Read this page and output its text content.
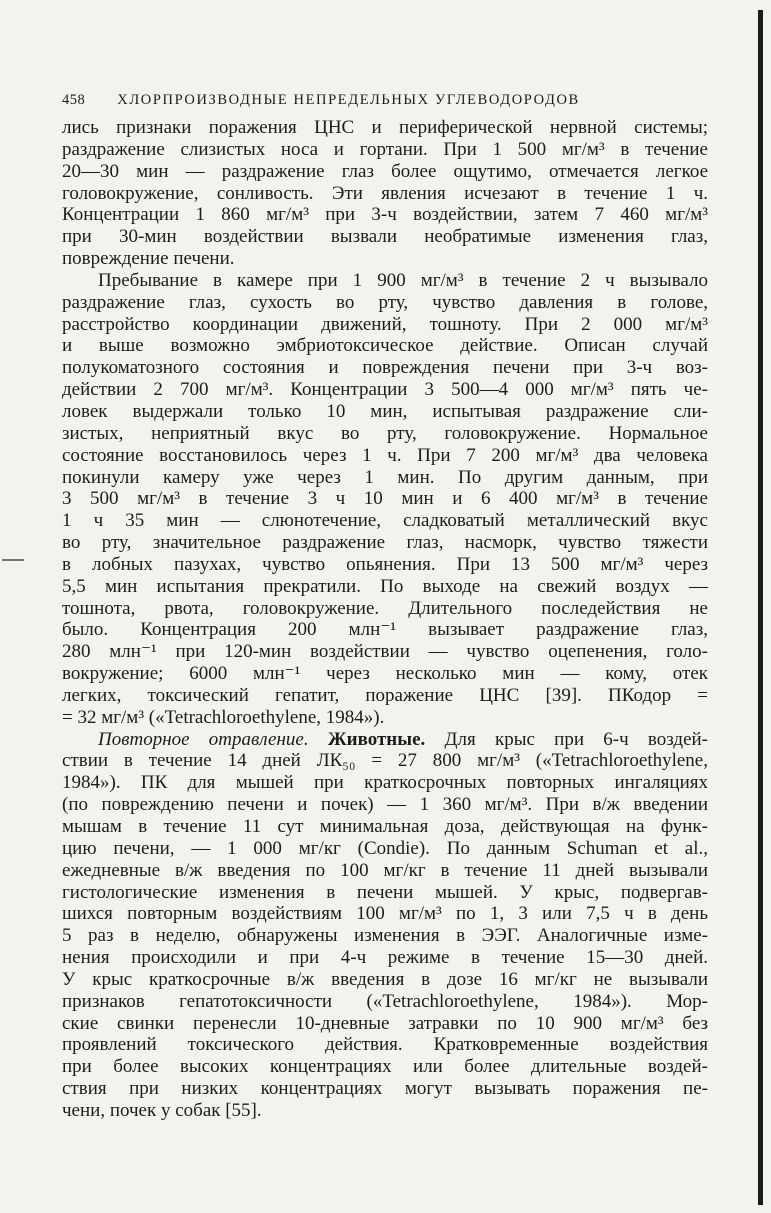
458 ХЛОРПРОИЗВОДНЫЕ НЕПРЕДЕЛЬНЫХ УГЛЕВОДОРОДОВ

лись признаки поражения ЦНС и периферической нервной системы;
раздражение слизистых носа и гортани. При 1 500 мг/м³ в течение
20—30 мин — раздражение глаз более ощутимо, отмечается легкое
головокружение, сонливость. Эти явления исчезают в течение 1 ч.
Концентрации 1 860 мг/м³ при 3-ч воздействии, затем 7 460 мг/м³
при 30-мин воздействии вызвали необратимые изменения глаз,
повреждение печени.

Пребывание в камере при 1 900 мг/м³ в течение 2 ч вызывало
раздражение глаз, сухость во рту, чувство давления в голове,
расстройство координации движений, тошноту. При 2 000 мг/м³
и выше возможно эмбриотоксическое действие. Описан случай
полукоматозного состояния и повреждения печени при 3-ч воз-
действии 2 700 мг/м³. Концентрации 3 500—4 000 мг/м³ пять че-
ловек выдержали только 10 мин, испытывая раздражение сли-
зистых, неприятный вкус во рту, головокружение. Нормальное
состояние восстановилось через 1 ч. При 7 200 мг/м³ два человека
покинули камеру уже через 1 мин. По другим данным, при
3 500 мг/м³ в течение 3 ч 10 мин и 6 400 мг/м³ в течение
1 ч 35 мин — слюнотечение, сладковатый металлический вкус
во рту, значительное раздражение глаз, насморк, чувство тяжести
в лобных пазухах, чувство опьянения. При 13 500 мг/м³ через
5,5 мин испытания прекратили. По выходе на свежий воздух —
тошнота, рвота, головокружение. Длительного последействия не
было. Концентрация 200 млн⁻¹ вызывает раздражение глаз,
280 млн⁻¹ при 120-мин воздействии — чувство оцепенения, голо-
вокружение; 6000 млн⁻¹ через несколько мин — кому, отек
легких, токсический гепатит, поражение ЦНС [39]. ПКодор =
= 32 мг/м³ («Tetrachloroethylene, 1984»).

Повторное отравление. Животные. Для крыс при 6-ч воздей-
ствии в течение 14 дней ЛК₅₀ = 27 800 мг/м³ («Tetrachloroethylene,
1984»). ПК для мышей при краткосрочных повторных ингаляциях
(по повреждению печени и почек) — 1 360 мг/м³. При в/ж введении
мышам в течение 11 сут минимальная доза, действующая на функ-
цию печени, — 1 000 мг/кг (Condie). По данным Schuman et al.,
ежедневные в/ж введения по 100 мг/кг в течение 11 дней вызывали
гистологические изменения в печени мышей. У крыс, подвергав-
шихся повторным воздействиям 100 мг/м³ по 1, 3 или 7,5 ч в день
5 раз в неделю, обнаружены изменения в ЭЭГ. Аналогичные изме-
нения происходили и при 4-ч режиме в течение 15—30 дней.
У крыс краткосрочные в/ж введения в дозе 16 мг/кг не вызывали
признаков гепатотоксичности («Tetrachloroethylene, 1984»). Мор-
ские свинки перенесли 10-дневные затравки по 10 900 мг/м³ без
проявлений токсического действия. Кратковременные воздействия
при более высоких концентрациях или более длительные воздей-
ствия при низких концентрациях могут вызывать поражения пе-
чени, почек у собак [55].
